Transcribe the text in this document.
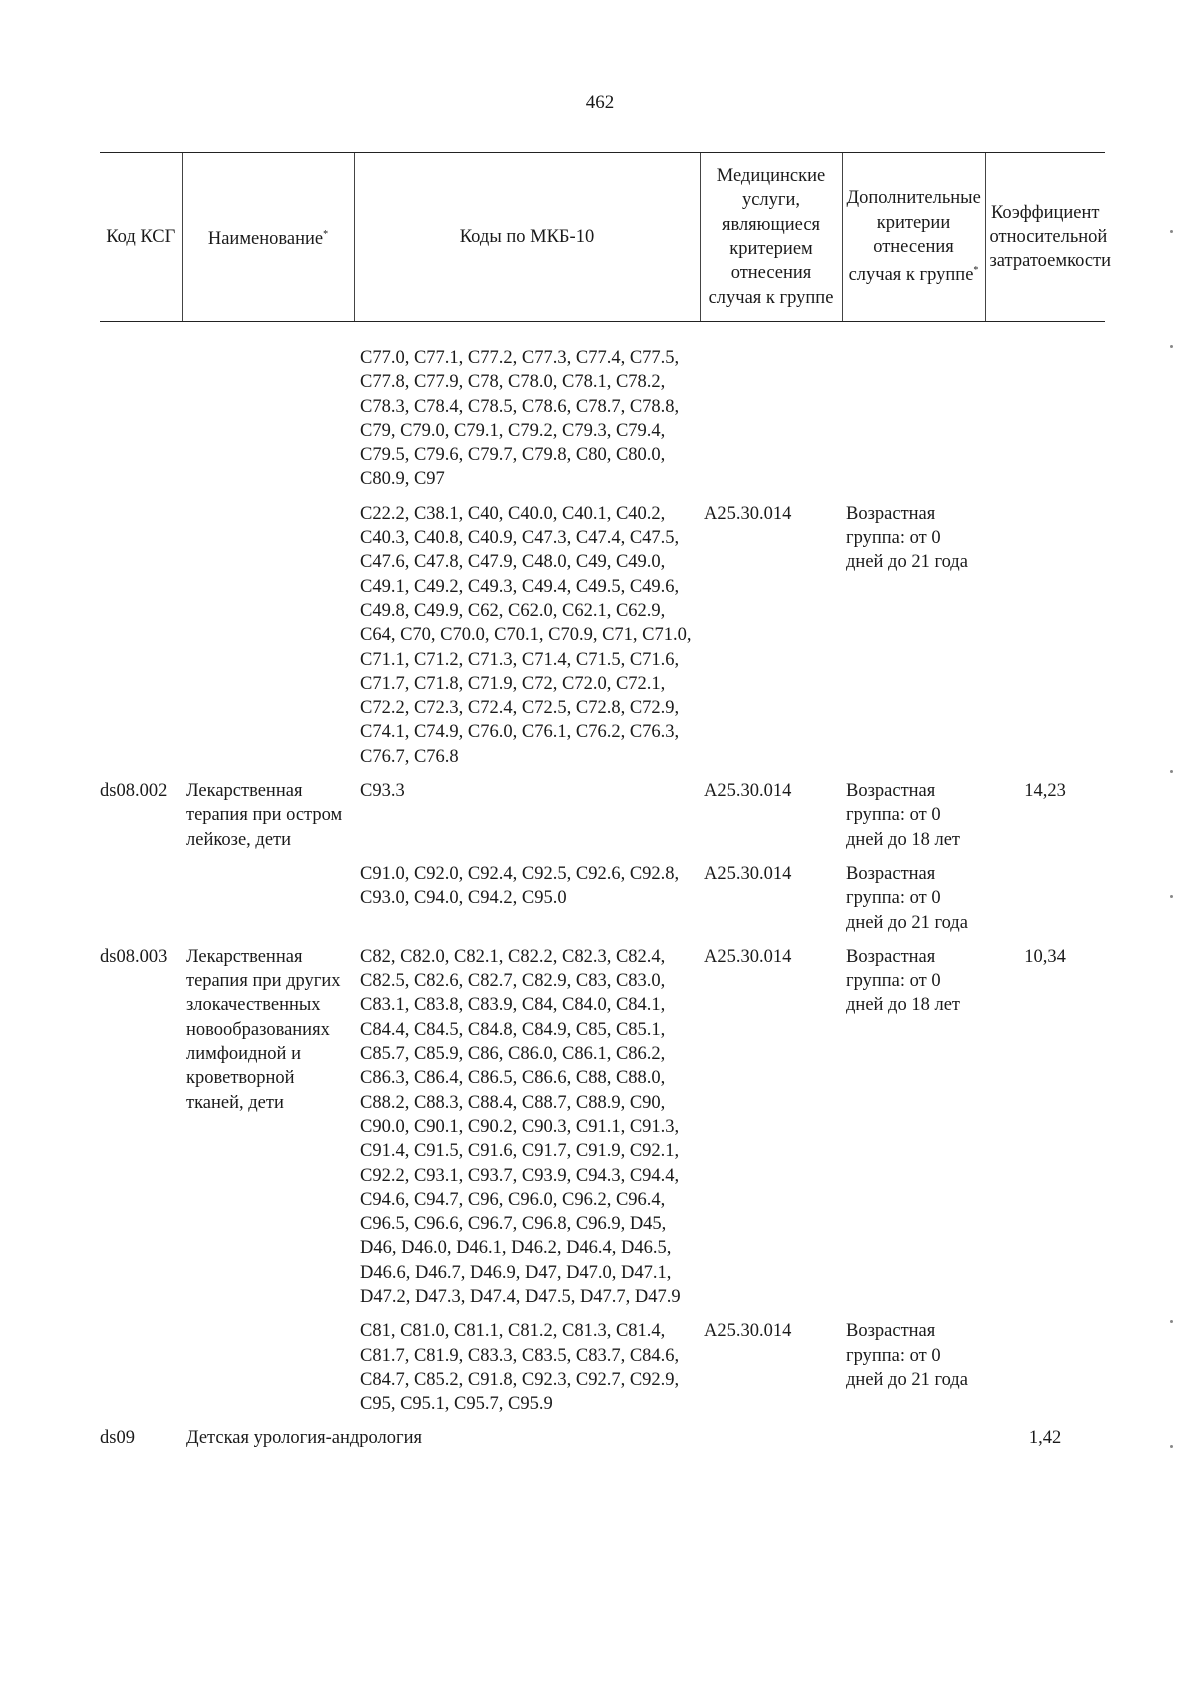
462
Код КСГ	Наименование*	Коды по МКБ-10	Медицинские услуги, являющиеся критерием отнесения случая к группе	Дополнительные критерии отнесения случая к группе*	Коэффициент относительной затратоемкости
		C77.0, C77.1, C77.2, C77.3, C77.4, C77.5, C77.8, C77.9, C78, C78.0, C78.1, C78.2, C78.3, C78.4, C78.5, C78.6, C78.7, C78.8, C79, C79.0, C79.1, C79.2, C79.3, C79.4, C79.5, C79.6, C79.7, C79.8, C80, C80.0, C80.9, C97			
		C22.2, C38.1, C40, C40.0, C40.1, C40.2, C40.3, C40.8, C40.9, C47.3, C47.4, C47.5, C47.6, C47.8, C47.9, C48.0, C49, C49.0, C49.1, C49.2, C49.3, C49.4, C49.5, C49.6, C49.8, C49.9, C62, C62.0, C62.1, C62.9, C64, C70, C70.0, C70.1, C70.9, C71, C71.0, C71.1, C71.2, C71.3, C71.4, C71.5, C71.6, C71.7, C71.8, C71.9, C72, C72.0, C72.1, C72.2, C72.3, C72.4, C72.5, C72.8, C72.9, C74.1, C74.9, C76.0, C76.1, C76.2, C76.3, C76.7, C76.8	A25.30.014	Возрастная группа: от 0 дней до 21 года	
ds08.002	Лекарственная терапия при остром лейкозе, дети	C93.3	A25.30.014	Возрастная группа: от 0 дней до 18 лет	14,23
		C91.0, C92.0, C92.4, C92.5, C92.6, C92.8, C93.0, C94.0, C94.2, C95.0	A25.30.014	Возрастная группа: от 0 дней до 21 года	
ds08.003	Лекарственная терапия при других злокачественных новообразованиях лимфоидной и кроветворной тканей, дети	C82, C82.0, C82.1, C82.2, C82.3, C82.4, C82.5, C82.6, C82.7, C82.9, C83, C83.0, C83.1, C83.8, C83.9, C84, C84.0, C84.1, C84.4, C84.5, C84.8, C84.9, C85, C85.1, C85.7, C85.9, C86, C86.0, C86.1, C86.2, C86.3, C86.4, C86.5, C86.6, C88, C88.0, C88.2, C88.3, C88.4, C88.7, C88.9, C90, C90.0, C90.1, C90.2, C90.3, C91.1, C91.3, C91.4, C91.5, C91.6, C91.7, C91.9, C92.1, C92.2, C93.1, C93.7, C93.9, C94.3, C94.4, C94.6, C94.7, C96, C96.0, C96.2, C96.4, C96.5, C96.6, C96.7, C96.8, C96.9, D45, D46, D46.0, D46.1, D46.2, D46.4, D46.5, D46.6, D46.7, D46.9, D47, D47.0, D47.1, D47.2, D47.3, D47.4, D47.5, D47.7, D47.9	A25.30.014	Возрастная группа: от 0 дней до 18 лет	10,34
		C81, C81.0, C81.1, C81.2, C81.3, C81.4, C81.7, C81.9, C83.3, C83.5, C83.7, C84.6, C84.7, C85.2, C91.8, C92.3, C92.7, C92.9, C95, C95.1, C95.7, C95.9	A25.30.014	Возрастная группа: от 0 дней до 21 года	
ds09	Детская урология-андрология				1,42
